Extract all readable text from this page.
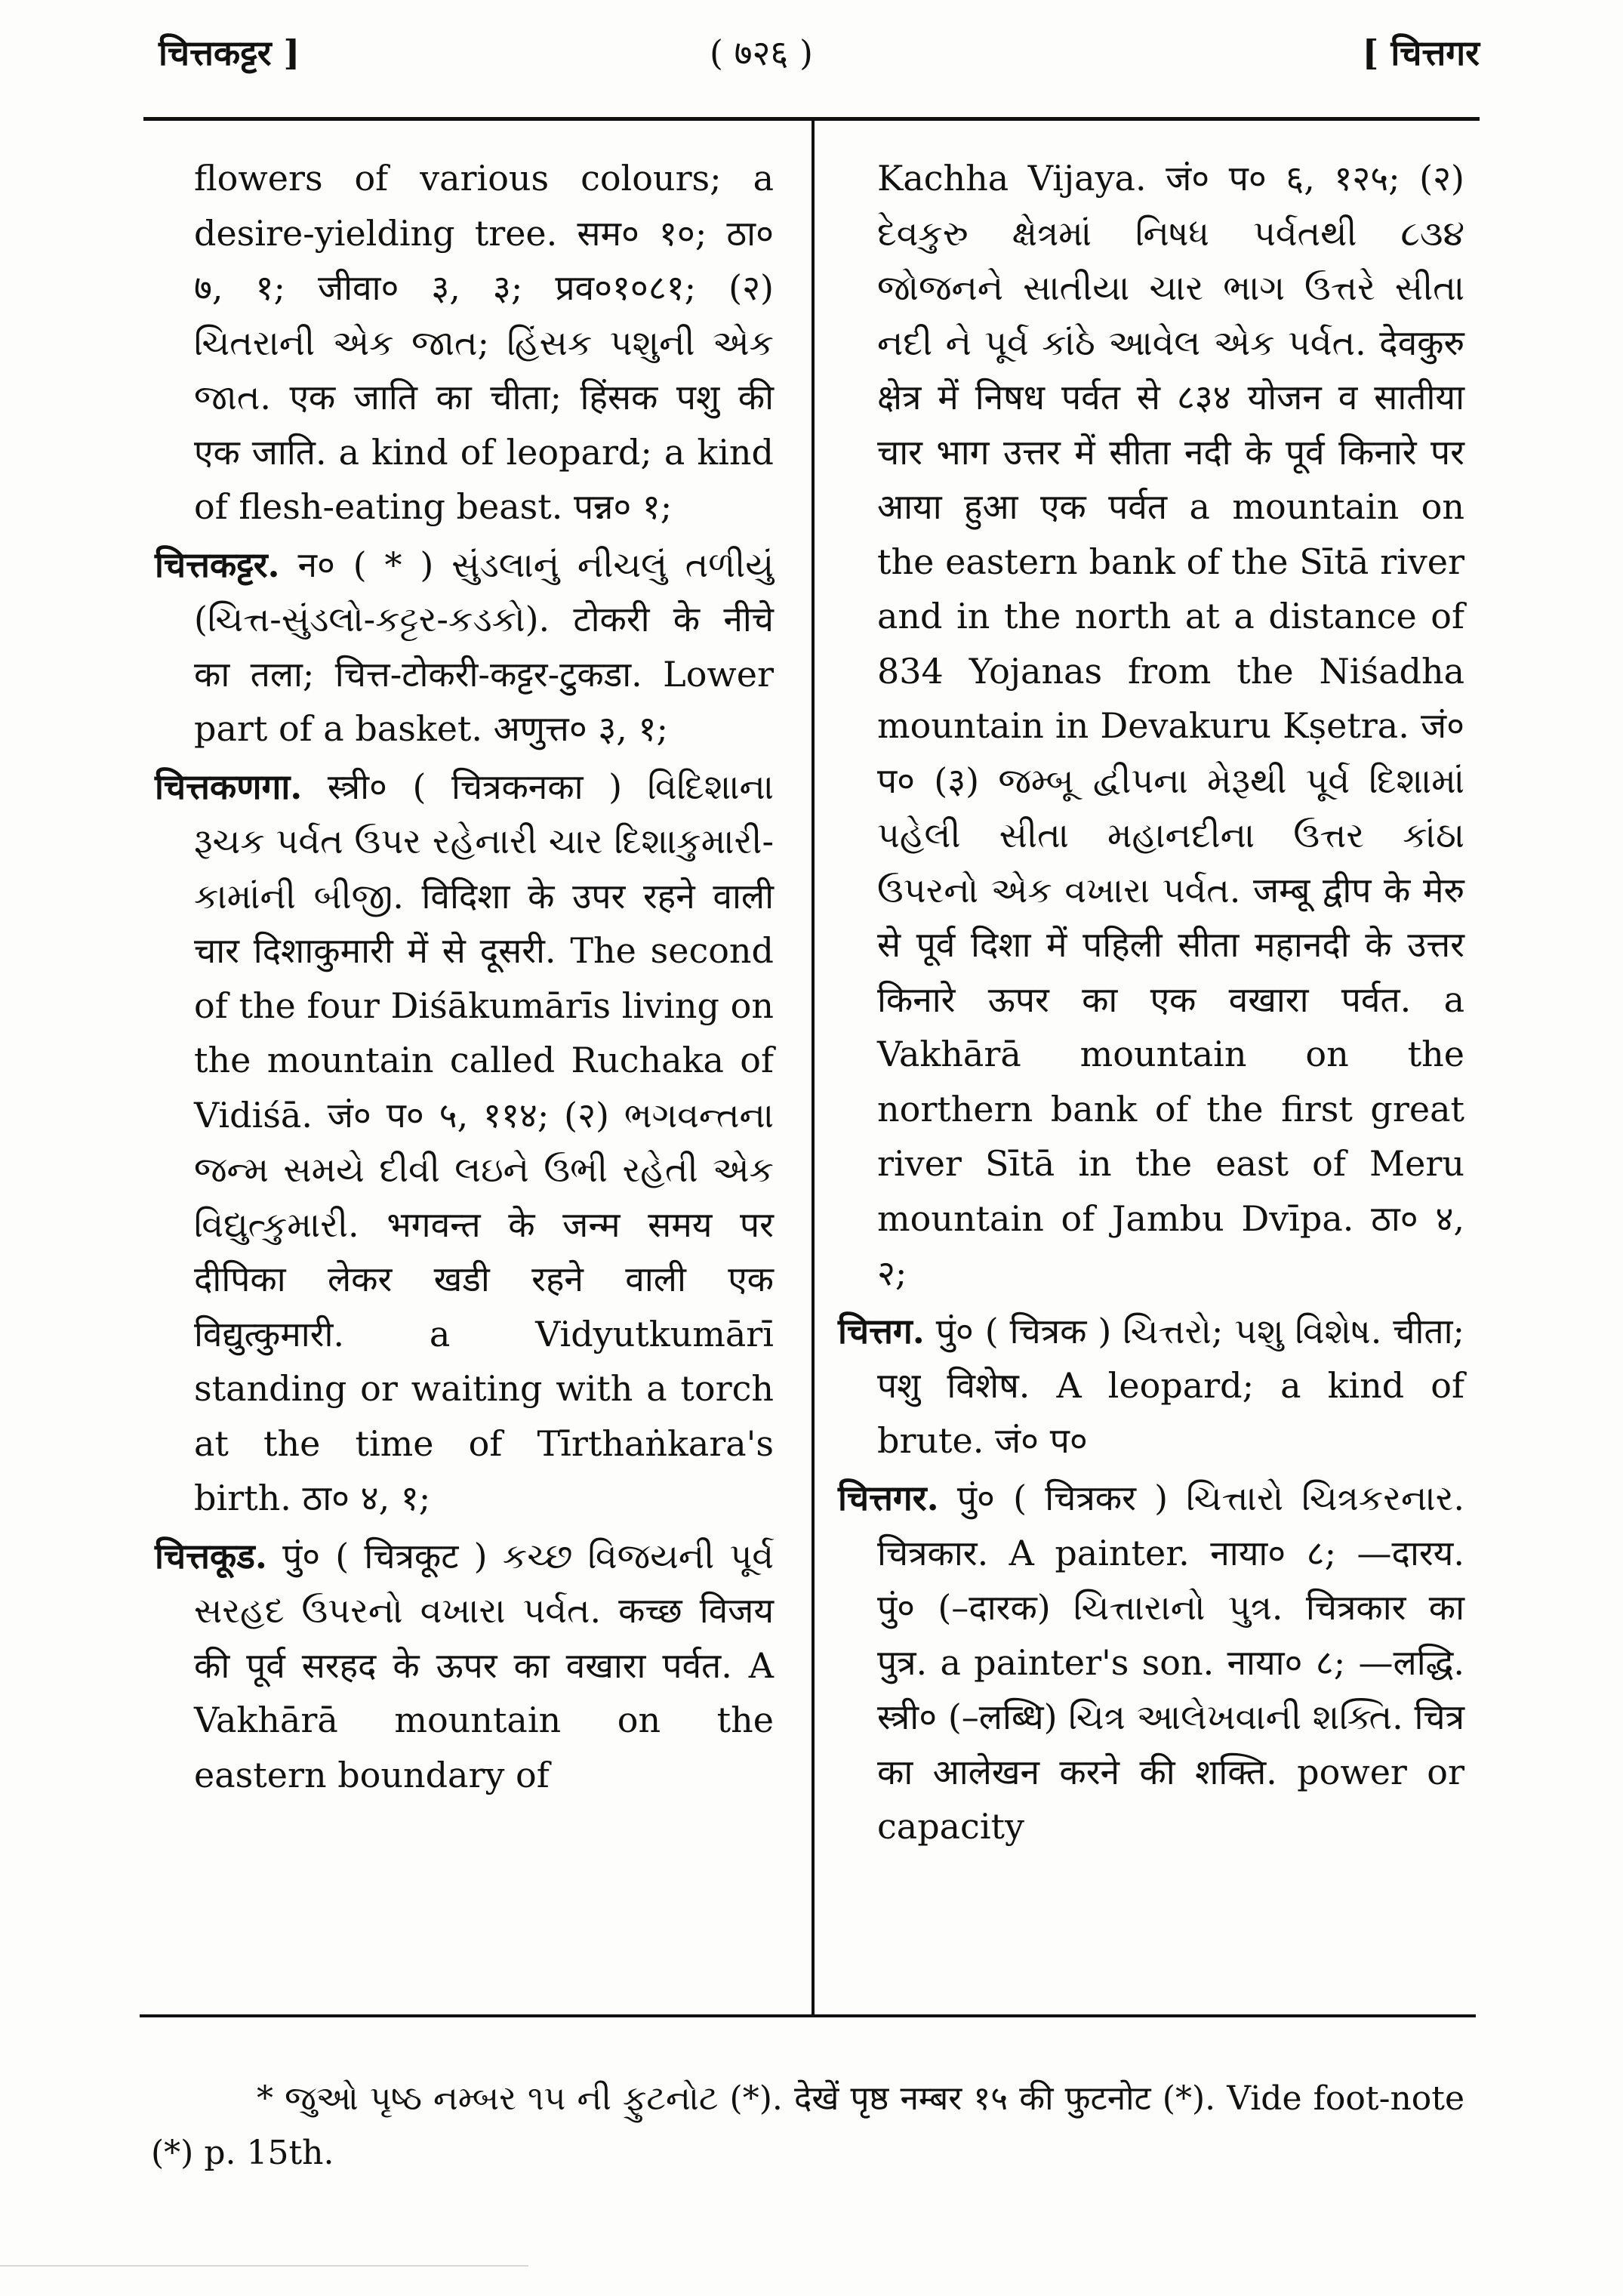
चित्तकट्टर ]	( ७२६ )	[ चित्तगर

flowers of various colours; a desire-yielding tree. सम० १०; ठा० ७, १; जीवा० ३, ३; प्रव०१०८१; (२) ચિતરાની એક જાત; હિંસક પશુની એક જાત. एक जाति का चीता; हिंसक पशु की एक जाति. a kind of leopard; a kind of flesh-eating beast. पन्न० १;

चित्तकट्टर. न० ( * ) સુંડલાનું નીચલું તળીયું (ચિત્ત-સુંડલો-કટ્ટર-કડકો). टोकरी के नीचे का तला; चित्त-टोकरी-कट्टर-टुकडा. Lower part of a basket. अणुत्त० ३, १;

चित्तकणगा. स्त्री० ( चित्रकनका ) વિદિશાના રૂચક પર્વત ઉપર રહેનારી ચાર દિશાકુમારી-કામાંની બીજી. विदिशा के उपर रहने वाली चार दिशाकुमारी में से दूसरी. The second of the four Diśākumārīs living on the mountain called Ruchaka of Vidiśā. जं० प० ५, ११४; (२) ભગવન્તના જન્મ સમયે દીવી લઇને ઉભી રહેતી એક વિદ્યુત્કુમારી. भगवन्त के जन्म समय पर दीपिका लेकर खडी रहने वाली एक विद्युत्कुमारी. a Vidyutkumārī standing or waiting with a torch at the time of Tīrthaṅkara's birth. ठा० ४, १;

चित्तकूड. पुं० ( चित्रकूट ) કચ્છ વિજયની પૂર્વ સરહદ ઉપરનો વખારા પર્વત. कच्छ विजय की पूर्व सरहद के ऊपर का वखारा पर्वत. A Vakhārā mountain on the eastern boundary of

Kachha Vijaya. जं० प० ६, १२५; (२) દેવકુરુ ક્ષેત્રમાં નિષધ પર્વતથી ૮૩૪ જોજનને સાતીયા ચાર ભાગ ઉત્તરે સીતા નદી ને પૂર્વ કાંઠે આવેલ એક પર્વત. देवकुरु क्षेत्र में निषध पर्वत से ८३४ योजन व सातीया चार भाग उत्तर में सीता नदी के पूर्व किनारे पर आया हुआ एक पर्वत a mountain on the eastern bank of the Sītā river and in the north at a distance of 834 Yojanas from the Niśadha mountain in Devakuru Kṣetra. जं० प० (३) જમ્બૂ દ્વીપના મેરૂથી પૂર્વ દિશામાં પહેલી સીતા મહાનદીના ઉત્તર કાંઠા ઉપરનો એક વખારા પર્વત. जम्बू द्वीप के मेरु से पूर्व दिशा में पहिली सीता महानदी के उत्तर किनारे ऊपर का एक वखारा पर्वत. a Vakhārā mountain on the northern bank of the first great river Sītā in the east of Meru mountain of Jambu Dvīpa. ठा० ४, २;

चित्तग. पुं० ( चित्रक ) ચિત્તરો; પશુ વિશેષ. चीता; पशु विशेष. A leopard; a kind of brute. जं० प०

चित्तगर. पुं० ( चित्रकर ) ચિત્તારો ચિત્રકરનાર. चित्रकार. A painter. नाया० ८; —दारय. पुं० (–दारक) ચિત્તારાનો પુત્ર. चित्रकार का पुत्र. a painter's son. नाया० ८; —लद्धि. स्त्री० (–लब्धि) ચિત્ર આલેખવાની શક્તિ. चित्र का आलेखन करने की शक्ति. power or capacity

* જુઓ પૃષ્ઠ નમ્બર ૧૫ ની ફુટનોટ (*). देखें पृष्ठ नम्बर १५ की फुटनोट (*). Vide foot-note (*) p. 15th.
